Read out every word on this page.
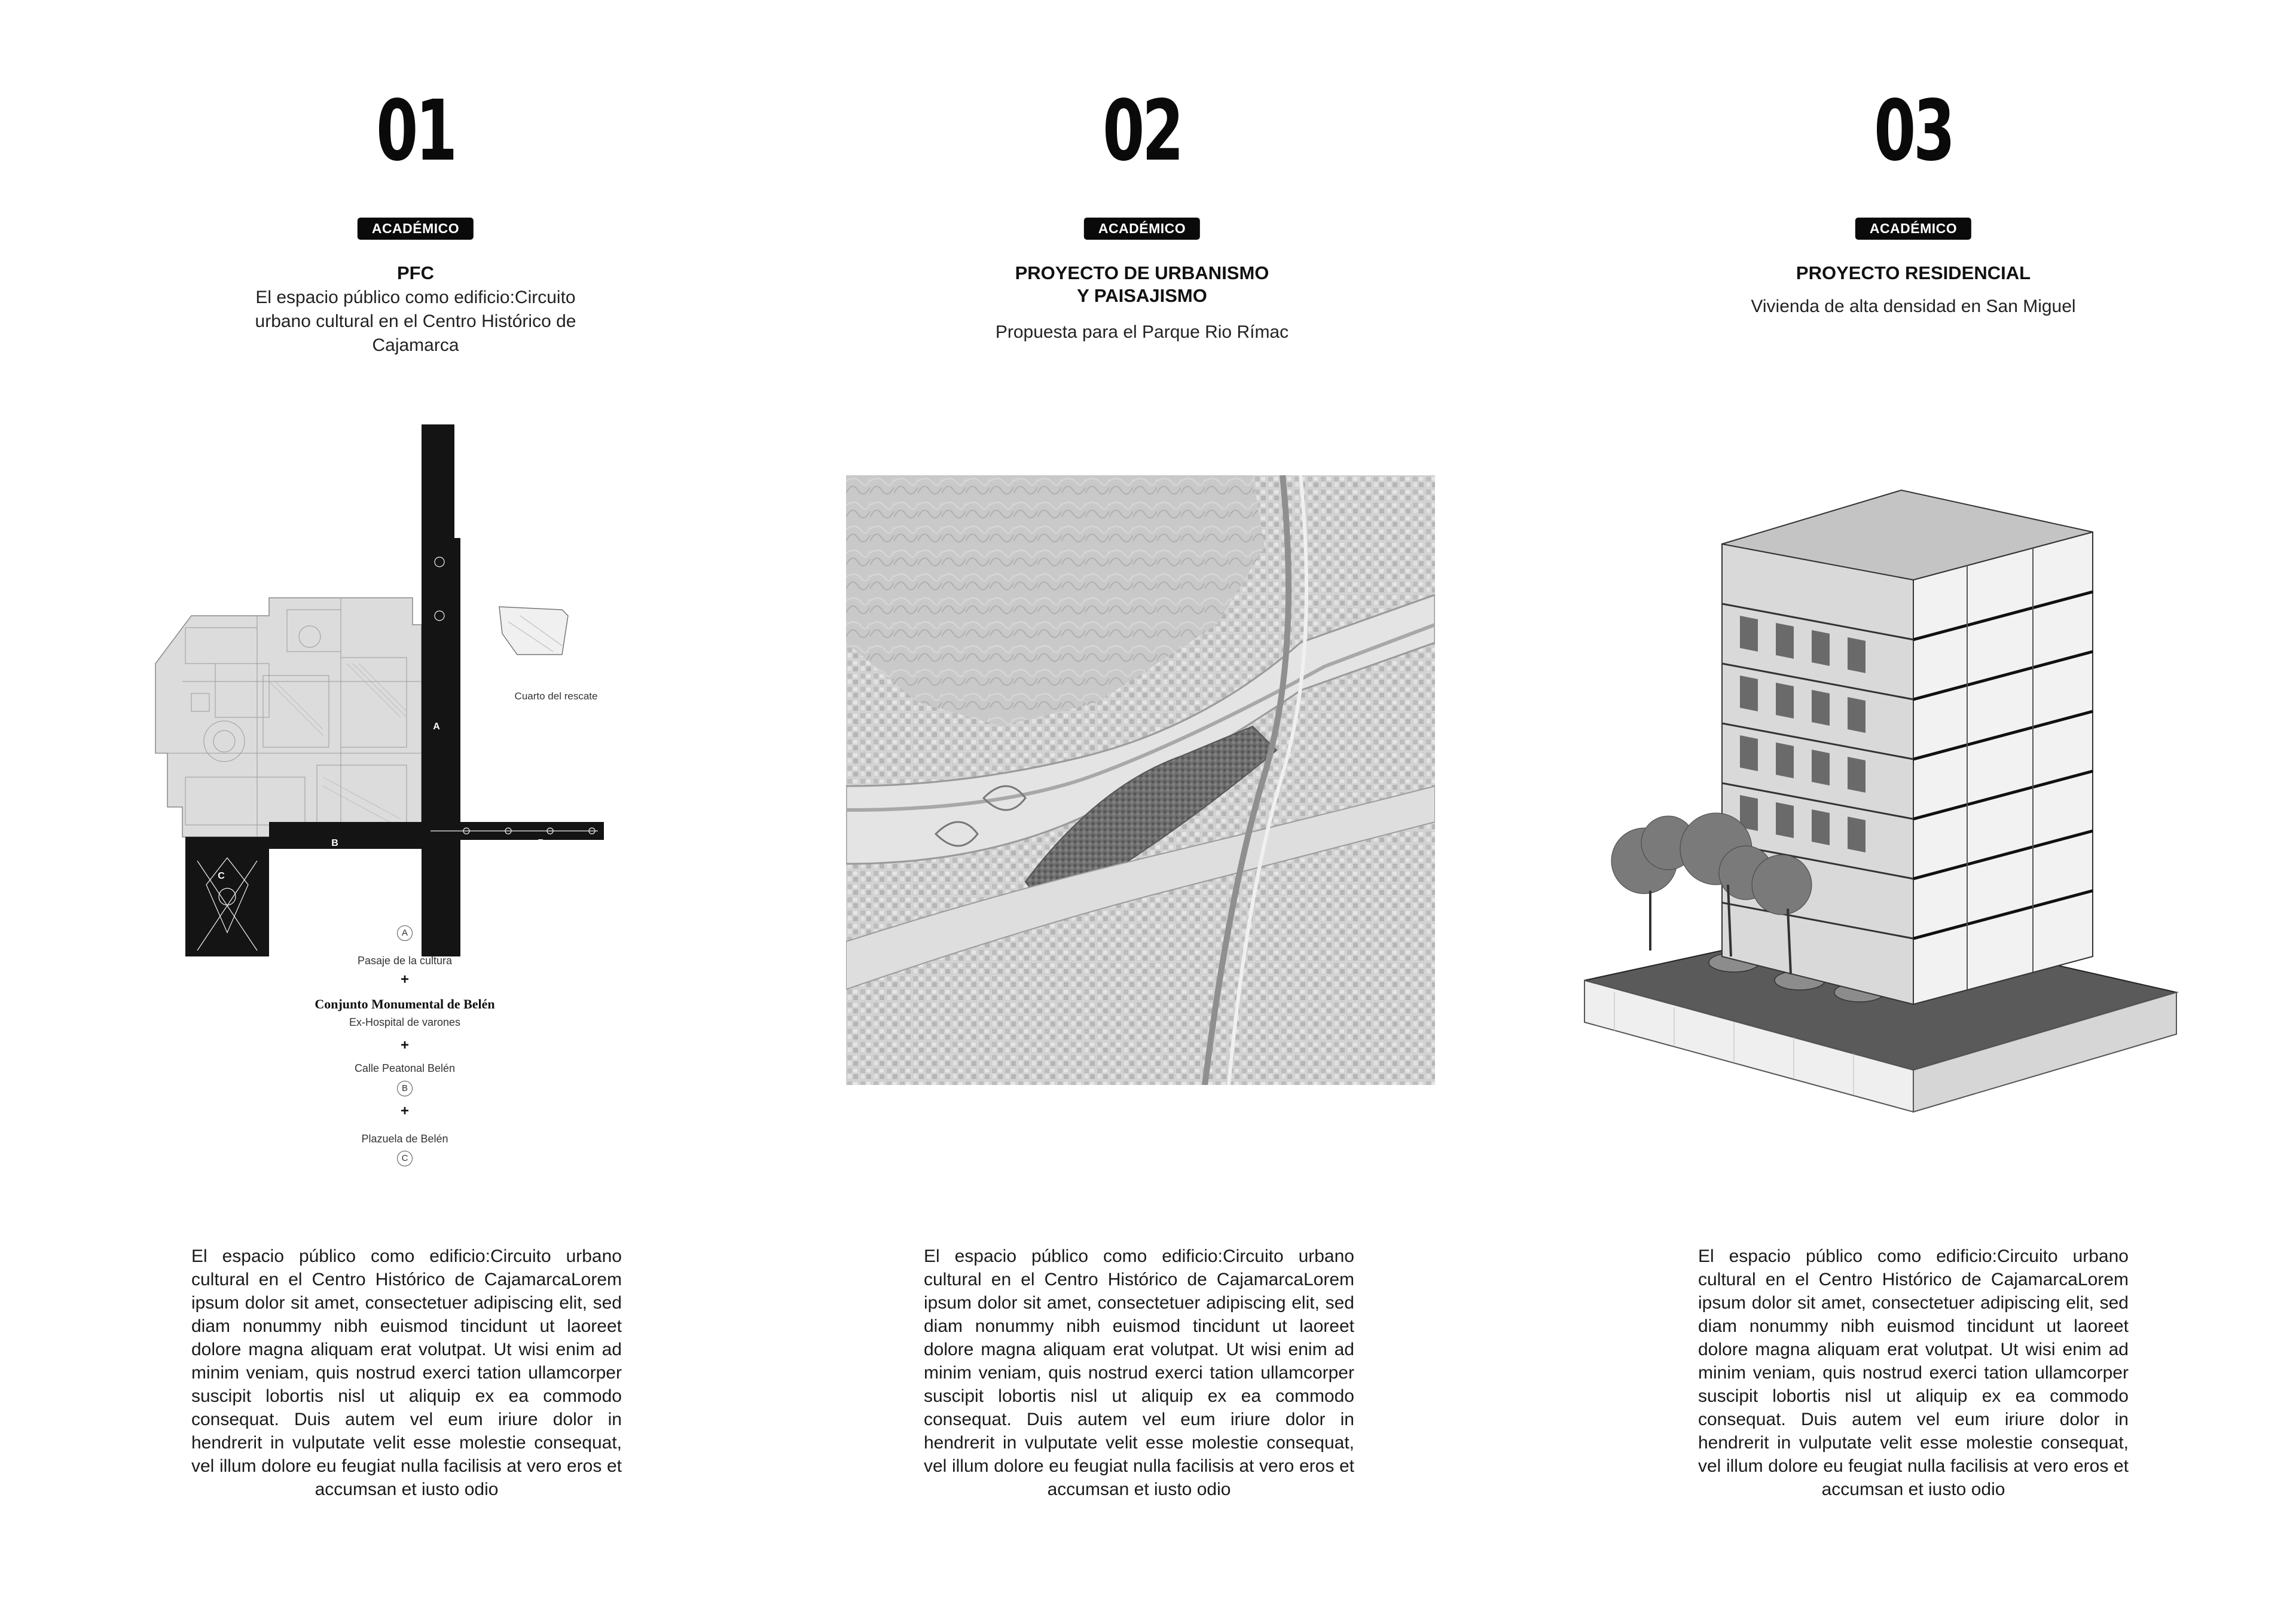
01
ACADÉMICO
PFC
El espacio público como edificio:Circuito urbano cultural en el Centro Histórico de Cajamarca
A
B	B
C
Cuarto del rescate
A
Pasaje de la cultura
+
Conjunto Monumental de Belén
Ex-Hospital de varones
+
Calle Peatonal Belén
B
+
Plazuela de Belén
C
El espacio público como edificio:Circuito urbano cultural en el Centro Histórico de CajamarcaLorem ipsum dolor sit amet, consectetuer adipiscing elit, sed diam nonummy nibh euismod tincidunt ut laoreet dolore magna aliquam erat volutpat. Ut wisi enim ad minim veniam, quis nostrud exerci tation ullamcorper suscipit lobortis nisl ut aliquip ex ea commodo consequat. Duis autem vel eum iriure dolor in hendrerit in vulputate velit esse molestie consequat, vel illum dolore eu feugiat nulla facilisis at vero eros et accumsan et iusto odio
02
ACADÉMICO
PROYECTO DE URBANISMO
Y PAISAJISMO
Propuesta para el Parque Rio Rímac
El espacio público como edificio:Circuito urbano cultural en el Centro Histórico de CajamarcaLorem ipsum dolor sit amet, consectetuer adipiscing elit, sed diam nonummy nibh euismod tincidunt ut laoreet dolore magna aliquam erat volutpat. Ut wisi enim ad minim veniam, quis nostrud exerci tation ullamcorper suscipit lobortis nisl ut aliquip ex ea commodo consequat. Duis autem vel eum iriure dolor in hendrerit in vulputate velit esse molestie consequat, vel illum dolore eu feugiat nulla facilisis at vero eros et accumsan et iusto odio
03
ACADÉMICO
PROYECTO RESIDENCIAL
Vivienda de alta densidad en San Miguel
El espacio público como edificio:Circuito urbano cultural en el Centro Histórico de CajamarcaLorem ipsum dolor sit amet, consectetuer adipiscing elit, sed diam nonummy nibh euismod tincidunt ut laoreet dolore magna aliquam erat volutpat. Ut wisi enim ad minim veniam, quis nostrud exerci tation ullamcorper suscipit lobortis nisl ut aliquip ex ea commodo consequat. Duis autem vel eum iriure dolor in hendrerit in vulputate velit esse molestie consequat, vel illum dolore eu feugiat nulla facilisis at vero eros et accumsan et iusto odio
